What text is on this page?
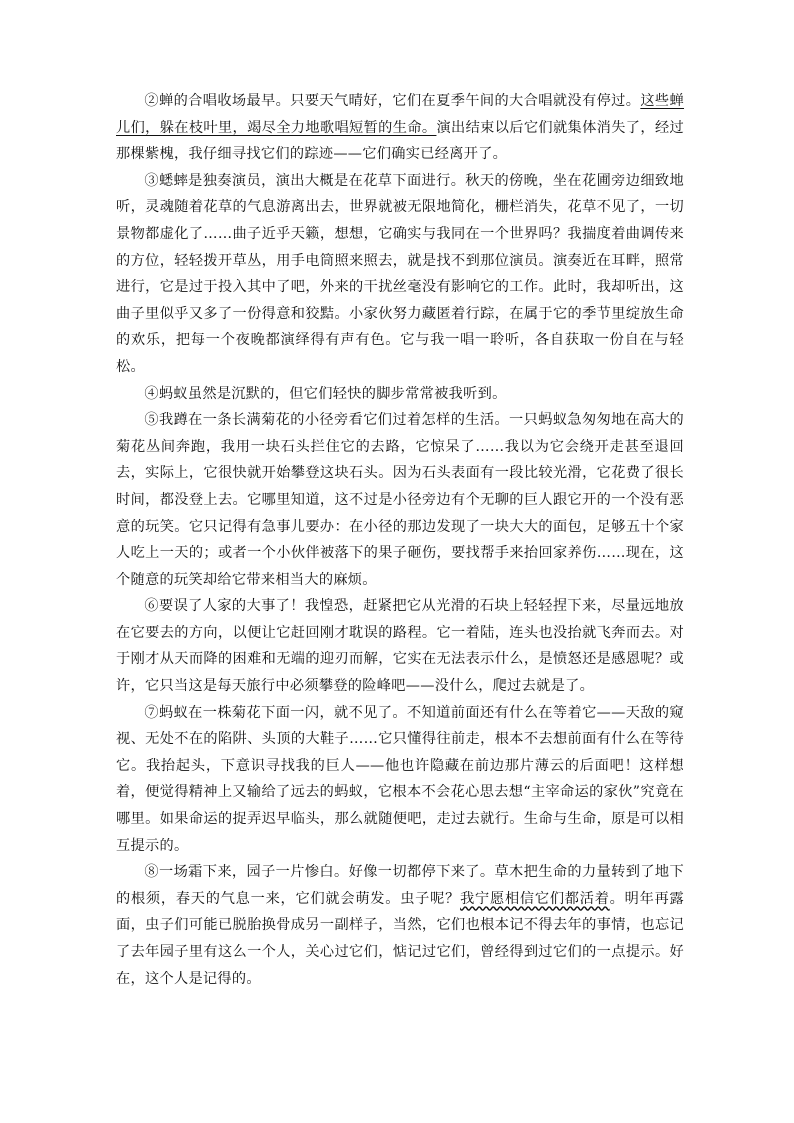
②蝉的合唱收场最早。只要天气晴好，它们在夏季午间的大合唱就没有停过。这些蝉儿们，躲在枝叶里，竭尽全力地歌唱短暂的生命。演出结束以后它们就集体消失了，经过那棵紫槐，我仔细寻找它们的踪迹——它们确实已经离开了。

③蟋蟀是独奏演员，演出大概是在花草下面进行。秋天的傍晚，坐在花圃旁边细致地听，灵魂随着花草的气息游离出去，世界就被无限地简化，栅栏消失，花草不见了，一切景物都虚化了……曲子近乎天籁，想想，它确实与我同在一个世界吗？我揣度着曲调传来的方位，轻轻拨开草丛，用手电筒照来照去，就是找不到那位演员。演奏近在耳畔，照常进行，它是过于投入其中了吧，外来的干扰丝毫没有影响它的工作。此时，我却听出，这曲子里似乎又多了一份得意和狡黠。小家伙努力藏匿着行踪，在属于它的季节里绽放生命的欢乐，把每一个夜晚都演绎得有声有色。它与我一唱一聆听，各自获取一份自在与轻松。

④蚂蚁虽然是沉默的，但它们轻快的脚步常常被我听到。

⑤我蹲在一条长满菊花的小径旁看它们过着怎样的生活。一只蚂蚁急匆匆地在高大的菊花丛间奔跑，我用一块石头拦住它的去路，它惊呆了……我以为它会绕开走甚至退回去，实际上，它很快就开始攀登这块石头。因为石头表面有一段比较光滑，它花费了很长时间，都没登上去。它哪里知道，这不过是小径旁边有个无聊的巨人跟它开的一个没有恶意的玩笑。它只记得有急事儿要办：在小径的那边发现了一块大大的面包，足够五十个家人吃上一天的；或者一个小伙伴被落下的果子砸伤，要找帮手来抬回家养伤……现在，这个随意的玩笑却给它带来相当大的麻烦。

⑥要误了人家的大事了！我惶恐，赶紧把它从光滑的石块上轻轻捏下来，尽量远地放在它要去的方向，以便让它赶回刚才耽误的路程。它一着陆，连头也没抬就飞奔而去。对于刚才从天而降的困难和无端的迎刃而解，它实在无法表示什么，是愤怒还是感恩呢？或许，它只当这是每天旅行中必须攀登的险峰吧——没什么，爬过去就是了。

⑦蚂蚁在一株菊花下面一闪，就不见了。不知道前面还有什么在等着它——天敌的窥视、无处不在的陷阱、头顶的大鞋子……它只懂得往前走，根本不去想前面有什么在等待它。我抬起头，下意识寻找我的巨人——他也许隐藏在前边那片薄云的后面吧！这样想着，便觉得精神上又输给了远去的蚂蚁，它根本不会花心思去想“主宰命运的家伙”究竟在哪里。如果命运的捉弄迟早临头，那么就随便吧，走过去就行。生命与生命，原是可以相互提示的。

⑧一场霜下来，园子一片惨白。好像一切都停下来了。草木把生命的力量转到了地下的根须，春天的气息一来，它们就会萌发。虫子呢？我宁愿相信它们都活着。明年再露面，虫子们可能已脱胎换骨成另一副样子，当然，它们也根本记不得去年的事情，也忘记了去年园子里有这么一个人，关心过它们，惦记过它们，曾经得到过它们的一点提示。好在，这个人是记得的。
